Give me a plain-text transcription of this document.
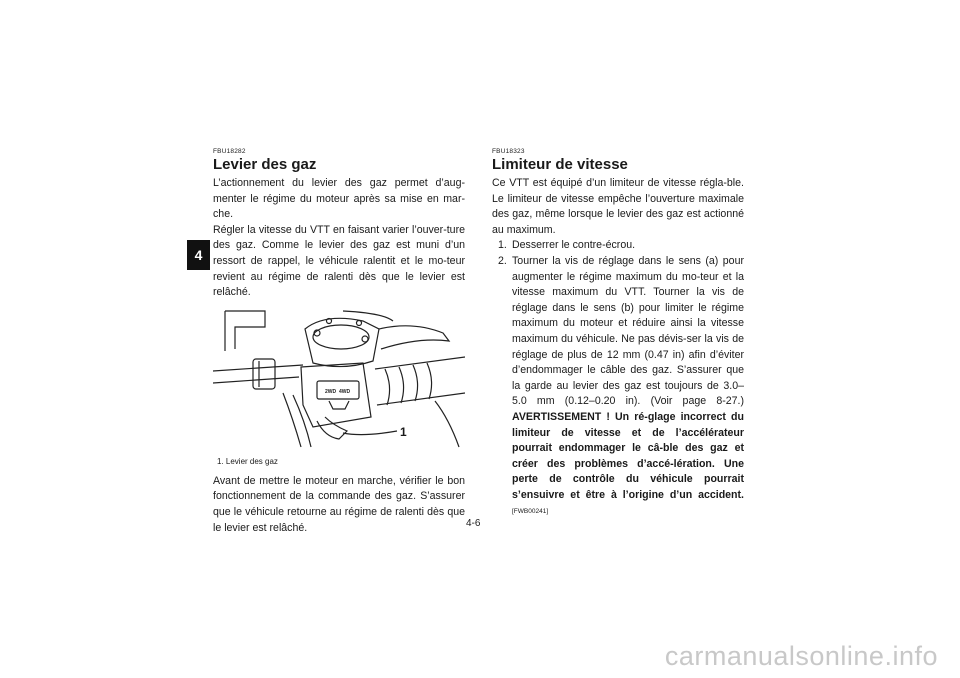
4
FBU18282
Levier des gaz

L’actionnement du levier des gaz permet d’aug-menter le régime du moteur après sa mise en mar-che.

Régler la vitesse du VTT en faisant varier l’ouver-ture des gaz. Comme le levier des gaz est muni d’un ressort de rappel, le véhicule ralentit et le mo-teur revient au régime de ralenti dès que le levier est relâché.

2WD 4WD
1
1. Levier des gaz

Avant de mettre le moteur en marche, vérifier le bon fonctionnement de la commande des gaz. S’assurer que le véhicule retourne au régime de ralenti dès que le levier est relâché.

FBU18323
Limiteur de vitesse

Ce VTT est équipé d’un limiteur de vitesse régla-ble. Le limiteur de vitesse empêche l’ouverture maximale des gaz, même lorsque le levier des gaz est actionné au maximum.

1. Desserrer le contre-écrou.
2. Tourner la vis de réglage dans le sens (a) pour augmenter le régime maximum du mo-teur et la vitesse maximum du VTT. Tourner la vis de réglage dans le sens (b) pour limiter le régime maximum du moteur et réduire ainsi la vitesse maximum du véhicule. Ne pas dévis-ser la vis de réglage de plus de 12 mm (0.47 in) afin d’éviter d’endommager le câble des gaz. S’assurer que la garde au levier des gaz est toujours de 3.0–5.0 mm (0.12–0.20 in). (Voir page 8-27.) AVERTISSEMENT ! Un ré-glage incorrect du limiteur de vitesse et de l’accélérateur pourrait endommager le câ-ble des gaz et créer des problèmes d’accé-lération. Une perte de contrôle du véhicule pourrait s’ensuivre et être à l’origine d’un accident. [FWB00241]
4-6
carmanualsonline.info
